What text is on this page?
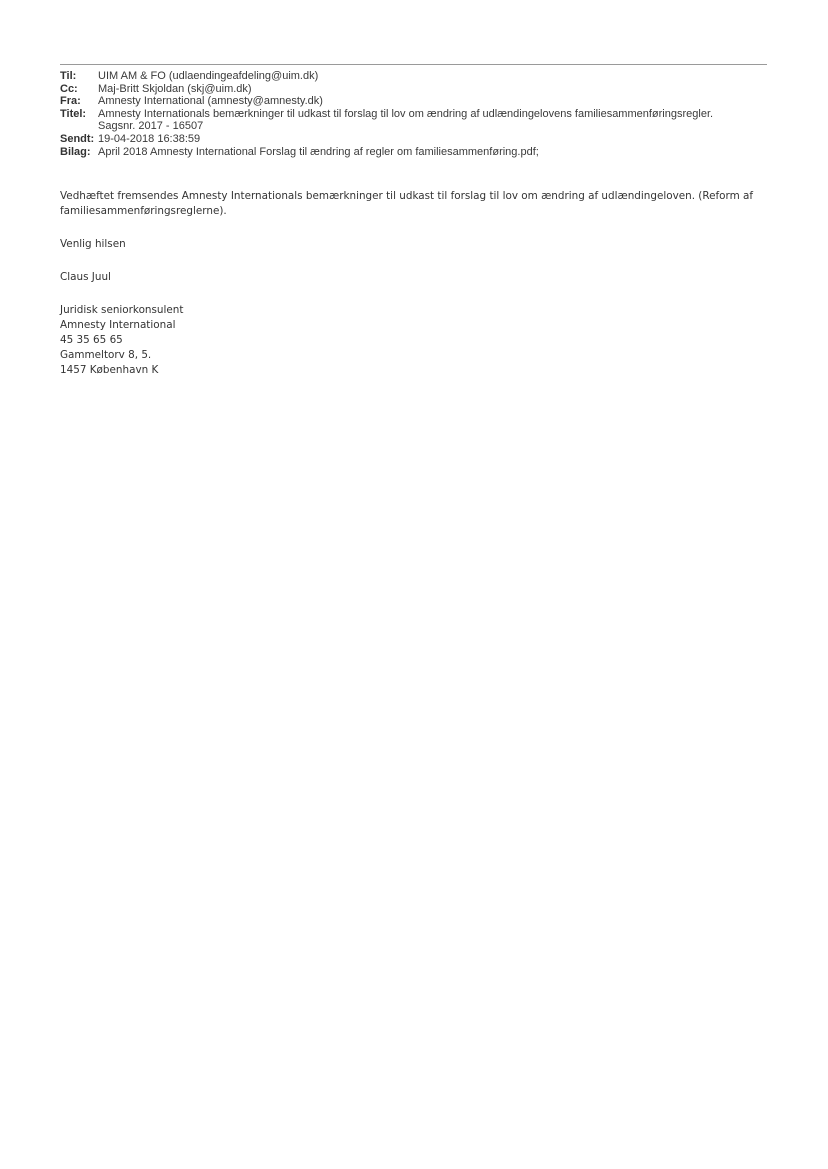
Til:	UIM AM & FO (udlaendingeafdeling@uim.dk)
Cc:	Maj-Britt Skjoldan (skj@uim.dk)
Fra:	Amnesty International (amnesty@amnesty.dk)
Titel:	Amnesty Internationals bemærkninger til udkast til forslag til lov om ændring af udlændingelovens familiesammenføringsregler.
Sagsnr. 2017 - 16507
Sendt: 19-04-2018 16:38:59
Bilag: April 2018 Amnesty International Forslag til ændring af regler om familiesammenføring.pdf;

Vedhæftet fremsendes Amnesty Internationals bemærkninger til udkast til forslag til lov om ændring af udlændingeloven. (Reform af familiesammenføringsreglerne).

Venlig hilsen

Claus Juul

Juridisk seniorkonsulent
Amnesty International
45 35 65 65
Gammeltorv 8, 5.
1457 København K
